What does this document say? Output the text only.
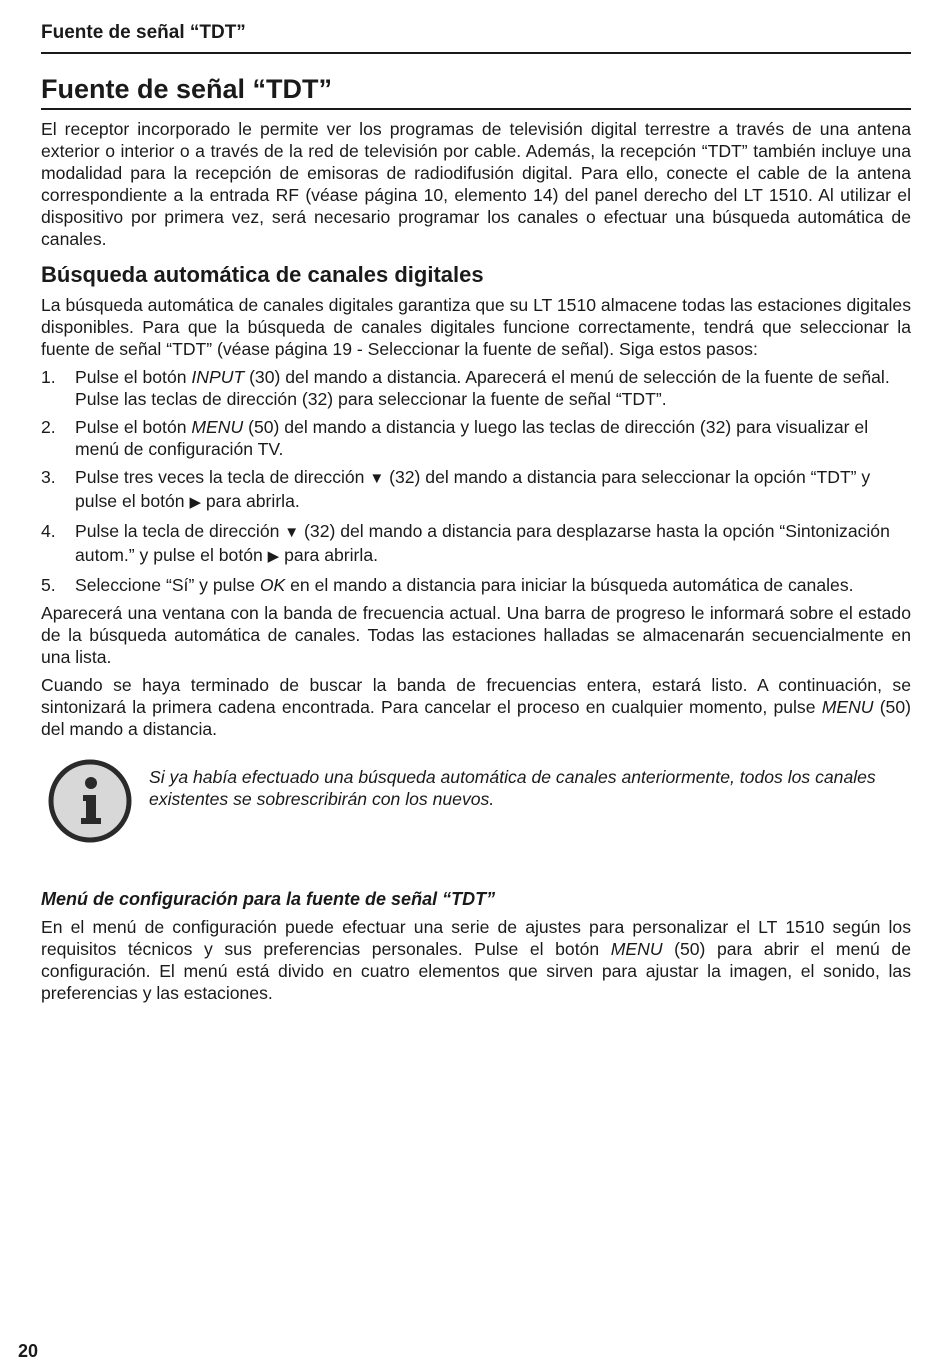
Fuente de señal “TDT”
Fuente de señal “TDT”

El receptor incorporado le permite ver los programas de televisión digital terrestre a través de una antena exterior o interior o a través de la red de televisión por cable. Además, la recepción “TDT” también incluye una modalidad para la recepción de emisoras de radiodifusión digital. Para ello, conecte el cable de la antena correspondiente a la entrada RF (véase página 10, elemento 14) del panel derecho del LT 1510. Al utilizar el dispositivo por primera vez, será necesario programar los canales o efectuar una búsqueda automática de canales.

Búsqueda automática de canales digitales

La búsqueda automática de canales digitales garantiza que su LT 1510 almacene todas las estaciones digitales disponibles. Para que la búsqueda de canales digitales funcione correctamente, tendrá que seleccionar la fuente de señal “TDT” (véase página 19 - Seleccionar la fuente de señal). Siga estos pasos:

1. Pulse el botón INPUT (30) del mando a distancia. Aparecerá el menú de selección de la fuente de señal. Pulse las teclas de dirección (32) para seleccionar la fuente de señal “TDT”.
2. Pulse el botón MENU (50) del mando a distancia y luego las teclas de dirección (32) para visualizar el menú de configuración TV.
3. Pulse tres veces la tecla de dirección ▼ (32) del mando a distancia para seleccionar la opción “TDT” y pulse el botón ▶ para abrirla.
4. Pulse la tecla de dirección ▼ (32) del mando a distancia para desplazarse hasta la opción “Sintonización autom.” y pulse el botón ▶ para abrirla.
5. Seleccione “Sí” y pulse OK en el mando a distancia para iniciar la búsqueda automática de canales.

Aparecerá una ventana con la banda de frecuencia actual. Una barra de progreso le informará sobre el estado de la búsqueda automática de canales. Todas las estaciones halladas se almacenarán secuencialmente en una lista.

Cuando se haya terminado de buscar la banda de frecuencias entera, estará listo. A continuación, se sintonizará la primera cadena encontrada. Para cancelar el proceso en cualquier momento, pulse MENU (50) del mando a distancia.

Si ya había efectuado una búsqueda automática de canales anteriormente, todos los canales existentes se sobrescribirán con los nuevos.
Menú de configuración para la fuente de señal “TDT”

En el menú de configuración puede efectuar una serie de ajustes para personalizar el LT 1510 según los requisitos técnicos y sus preferencias personales. Pulse el botón MENU (50) para abrir el menú de configuración. El menú está divido en cuatro elementos que sirven para ajustar la imagen, el sonido, las preferencias y las estaciones.

20
